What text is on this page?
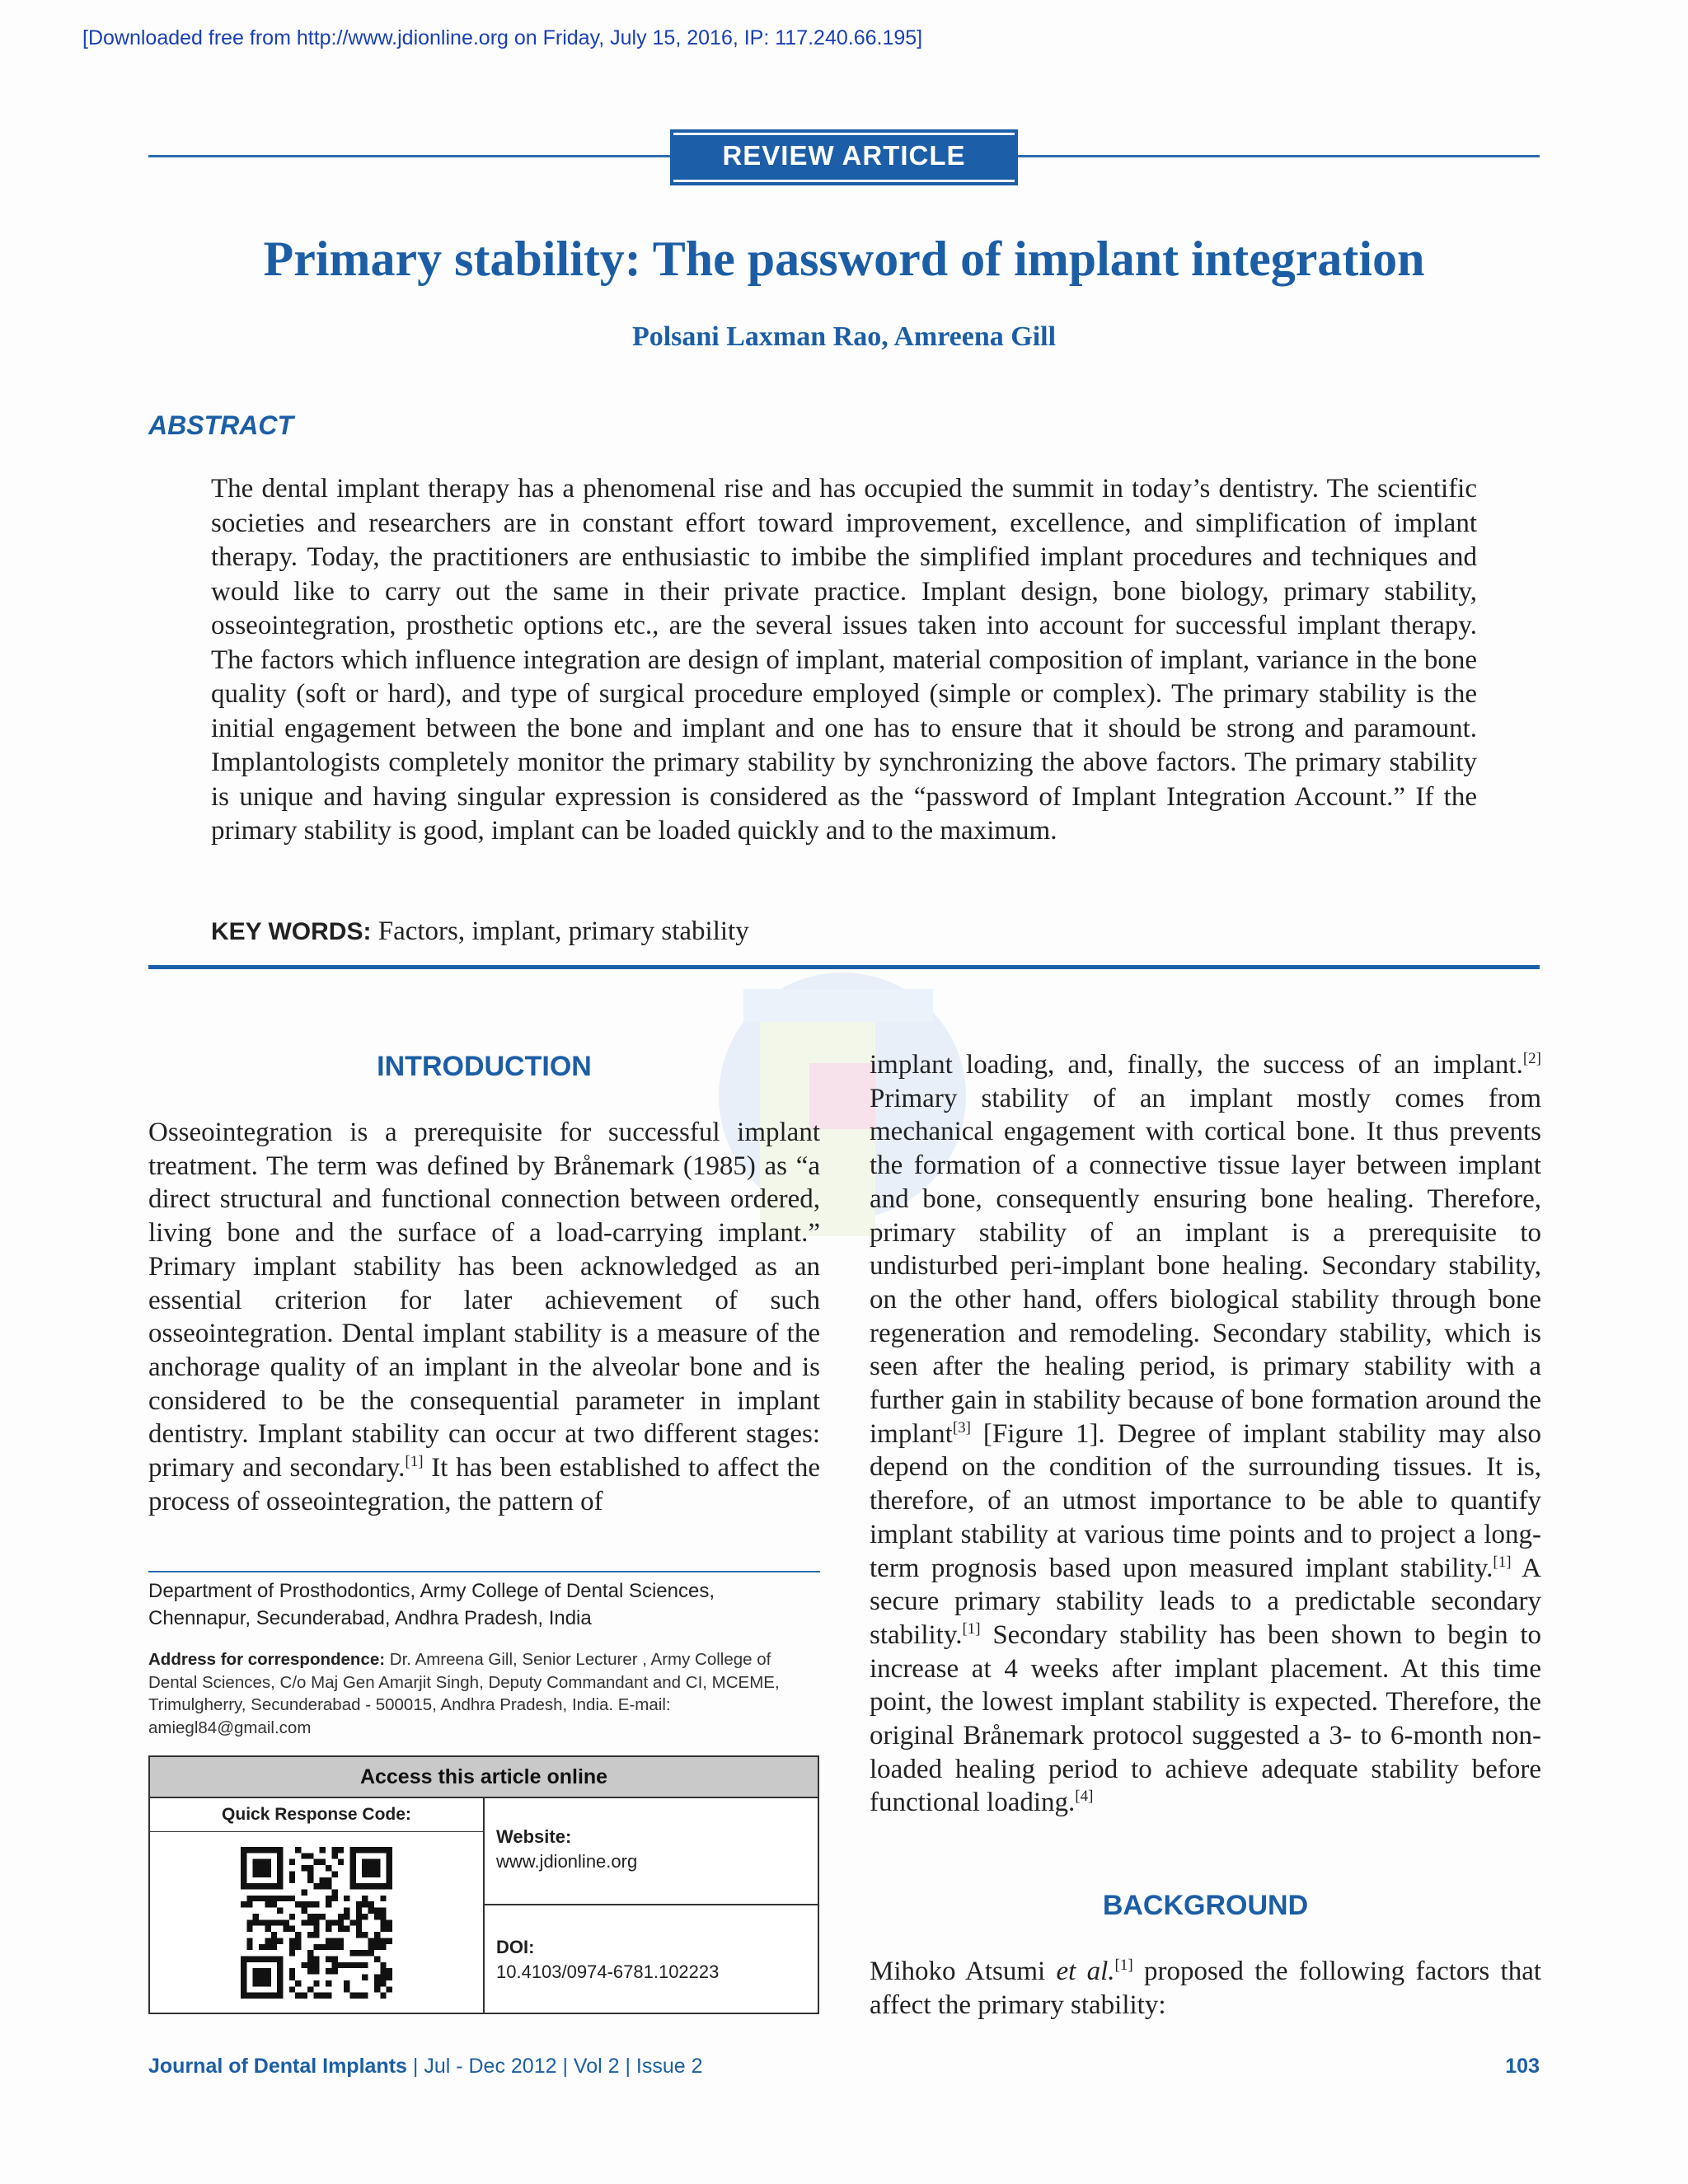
[Downloaded free from http://www.jdionline.org on Friday, July 15, 2016, IP: 117.240.66.195]
REVIEW ARTICLE
Primary stability: The password of implant integration
Polsani Laxman Rao, Amreena Gill
ABSTRACT
The dental implant therapy has a phenomenal rise and has occupied the summit in today’s dentistry. The scientific societies and researchers are in constant effort toward improvement, excellence, and simplification of implant therapy. Today, the practitioners are enthusiastic to imbibe the simplified implant procedures and techniques and would like to carry out the same in their private practice. Implant design, bone biology, primary stability, osseointegration, prosthetic options etc., are the several issues taken into account for successful implant therapy. The factors which influence integration are design of implant, material composition of implant, variance in the bone quality (soft or hard), and type of surgical procedure employed (simple or complex). The primary stability is the initial engagement between the bone and implant and one has to ensure that it should be strong and paramount. Implantologists completely monitor the primary stability by synchronizing the above factors. The primary stability is unique and having singular expression is considered as the “password of Implant Integration Account.” If the primary stability is good, implant can be loaded quickly and to the maximum.
KEY WORDS: Factors, implant, primary stability
INTRODUCTION
Osseointegration is a prerequisite for successful implant treatment. The term was defined by Brånemark (1985) as “a direct structural and functional connection between ordered, living bone and the surface of a load-carrying implant.” Primary implant stability has been acknowledged as an essential criterion for later achievement of such osseointegration. Dental implant stability is a measure of the anchorage quality of an implant in the alveolar bone and is considered to be the consequential parameter in implant dentistry. Implant stability can occur at two different stages: primary and secondary.[1] It has been established to affect the process of osseointegration, the pattern of
Department of Prosthodontics, Army College of Dental Sciences, Chennapur, Secunderabad, Andhra Pradesh, India
Address for correspondence: Dr. Amreena Gill, Senior Lecturer , Army College of Dental Sciences, C/o Maj Gen Amarjit Singh, Deputy Commandant and CI, MCEME, Trimulgherry, Secunderabad - 500015, Andhra Pradesh, India. E-mail: amiegl84@gmail.com
Access this article online
Quick Response Code:
Website:
www.jdionline.org
DOI:
10.4103/0974-6781.102223
implant loading, and, finally, the success of an implant.[2] Primary stability of an implant mostly comes from mechanical engagement with cortical bone. It thus prevents the formation of a connective tissue layer between implant and bone, consequently ensuring bone healing. Therefore, primary stability of an implant is a prerequisite to undisturbed peri-implant bone healing. Secondary stability, on the other hand, offers biological stability through bone regeneration and remodeling. Secondary stability, which is seen after the healing period, is primary stability with a further gain in stability because of bone formation around the implant[3] [Figure 1]. Degree of implant stability may also depend on the condition of the surrounding tissues. It is, therefore, of an utmost importance to be able to quantify implant stability at various time points and to project a long-term prognosis based upon measured implant stability.[1] A secure primary stability leads to a predictable secondary stability.[1] Secondary stability has been shown to begin to increase at 4 weeks after implant placement. At this time point, the lowest implant stability is expected. Therefore, the original Brånemark protocol suggested a 3- to 6-month non-loaded healing period to achieve adequate stability before functional loading.[4]
BACKGROUND
Mihoko Atsumi et al.[1] proposed the following factors that affect the primary stability:
Journal of Dental Implants | Jul - Dec 2012 | Vol 2 | Issue 2	103
